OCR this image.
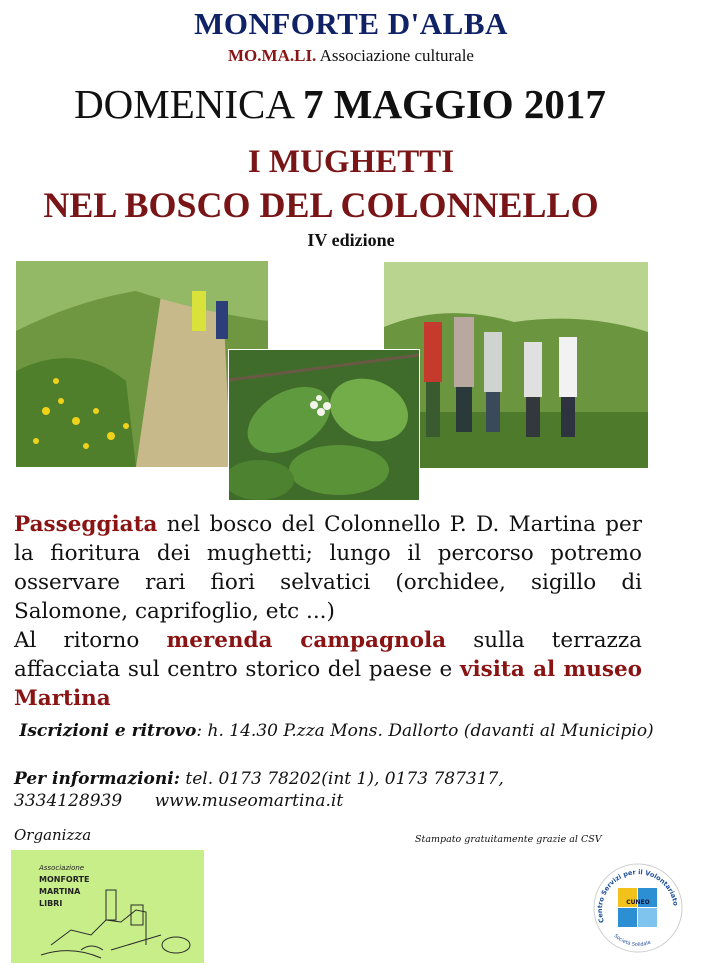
MONFORTE D'ALBA
MO.MA.LI. Associazione culturale
DOMENICA 7 MAGGIO 2017
I MUGHETTI
NEL BOSCO DEL COLONNELLO
IV edizione
Passeggiata nel bosco del Colonnello P. D. Martina per la fioritura dei mughetti; lungo il percorso potremo osservare rari fiori selvatici (orchidee, sigillo di Salomone, caprifoglio, etc ...)
Al ritorno merenda campagnola sulla terrazza affacciata sul centro storico del paese e visita al museo Martina
Iscrizioni e ritrovo: h. 14.30 P.zza Mons. Dallorto (davanti al Municipio)
Per informazioni: tel. 0173 78202(int 1), 0173 787317,
3334128939 www.museomartina.it
Organizza	Stampato gratuitamente grazie al CSV
Associazione
MONFORTE
MARTINA
LIBRI	CUNEO
Centro Servizi per il Volontariato
Società Solidale
